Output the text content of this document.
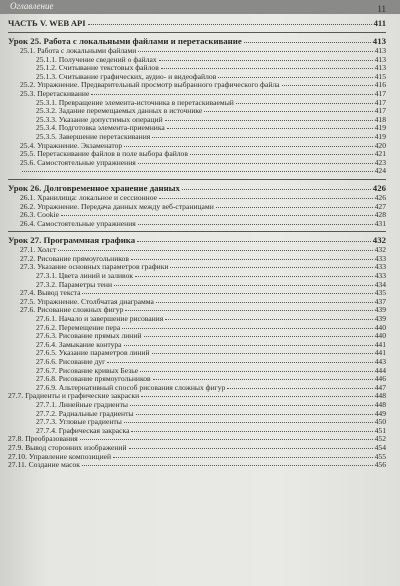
Оглавление	11
ЧАСТЬ V. WEB API	411
Урок 25. Работа с локальными файлами и перетаскивание	413
25.1. Работа с локальными файлами	413
25.1.1. Получение сведений о файлах	413
25.1.2. Считывание текстовых файлов	413
25.1.3. Считывание графических, аудио- и видеофайлов	415
25.2. Упражнение. Предварительный просмотр выбранного графического файла	416
25.3. Перетаскивание	417
25.3.1. Превращение элемента-источника в перетаскиваемый	417
25.3.2. Задание перемещаемых данных в источнике	417
25.3.3. Указание допустимых операций	418
25.3.4. Подготовка элемента-приемника	419
25.3.5. Завершение перетаскивания	419
25.4. Упражнение. Экзаменатор	420
25.5. Перетаскивание файлов в поле выбора файлов	421
25.6. Самостоятельные упражнения	423
424
Урок 26. Долговременное хранение данных	426
26.1. Хранилища: локальное и сессионное	426
26.2. Упражнение. Передача данных между веб-страницами	427
26.3. Cookie	428
26.4. Самостоятельные упражнения	431
Урок 27. Программная графика	432
27.1. Холст	432
27.2. Рисование прямоугольников	433
27.3. Указание основных параметров графики	433
27.3.1. Цвета линий и заливок	433
27.3.2. Параметры тени	434
27.4. Вывод текста	435
27.5. Упражнение. Столбчатая диаграмма	437
27.6. Рисование сложных фигур	439
27.6.1. Начало и завершение рисования	439
27.6.2. Перемещение пера	440
27.6.3. Рисование прямых линий	440
27.6.4. Замыкание контура	441
27.6.5. Указание параметров линий	441
27.6.6. Рисование дуг	443
27.6.7. Рисование кривых Безье	444
27.6.8. Рисование прямоугольников	446
27.6.9. Альтернативный способ рисования сложных фигур	447
27.7. Градиенты и графические закраски	448
27.7.1. Линейные градиенты	448
27.7.2. Радиальные градиенты	449
27.7.3. Угловые градиенты	450
27.7.4. Графическая закраска	451
27.8. Преобразования	452
27.9. Вывод сторонних изображений	454
27.10. Управление композицией	455
27.11. Создание масок	456
